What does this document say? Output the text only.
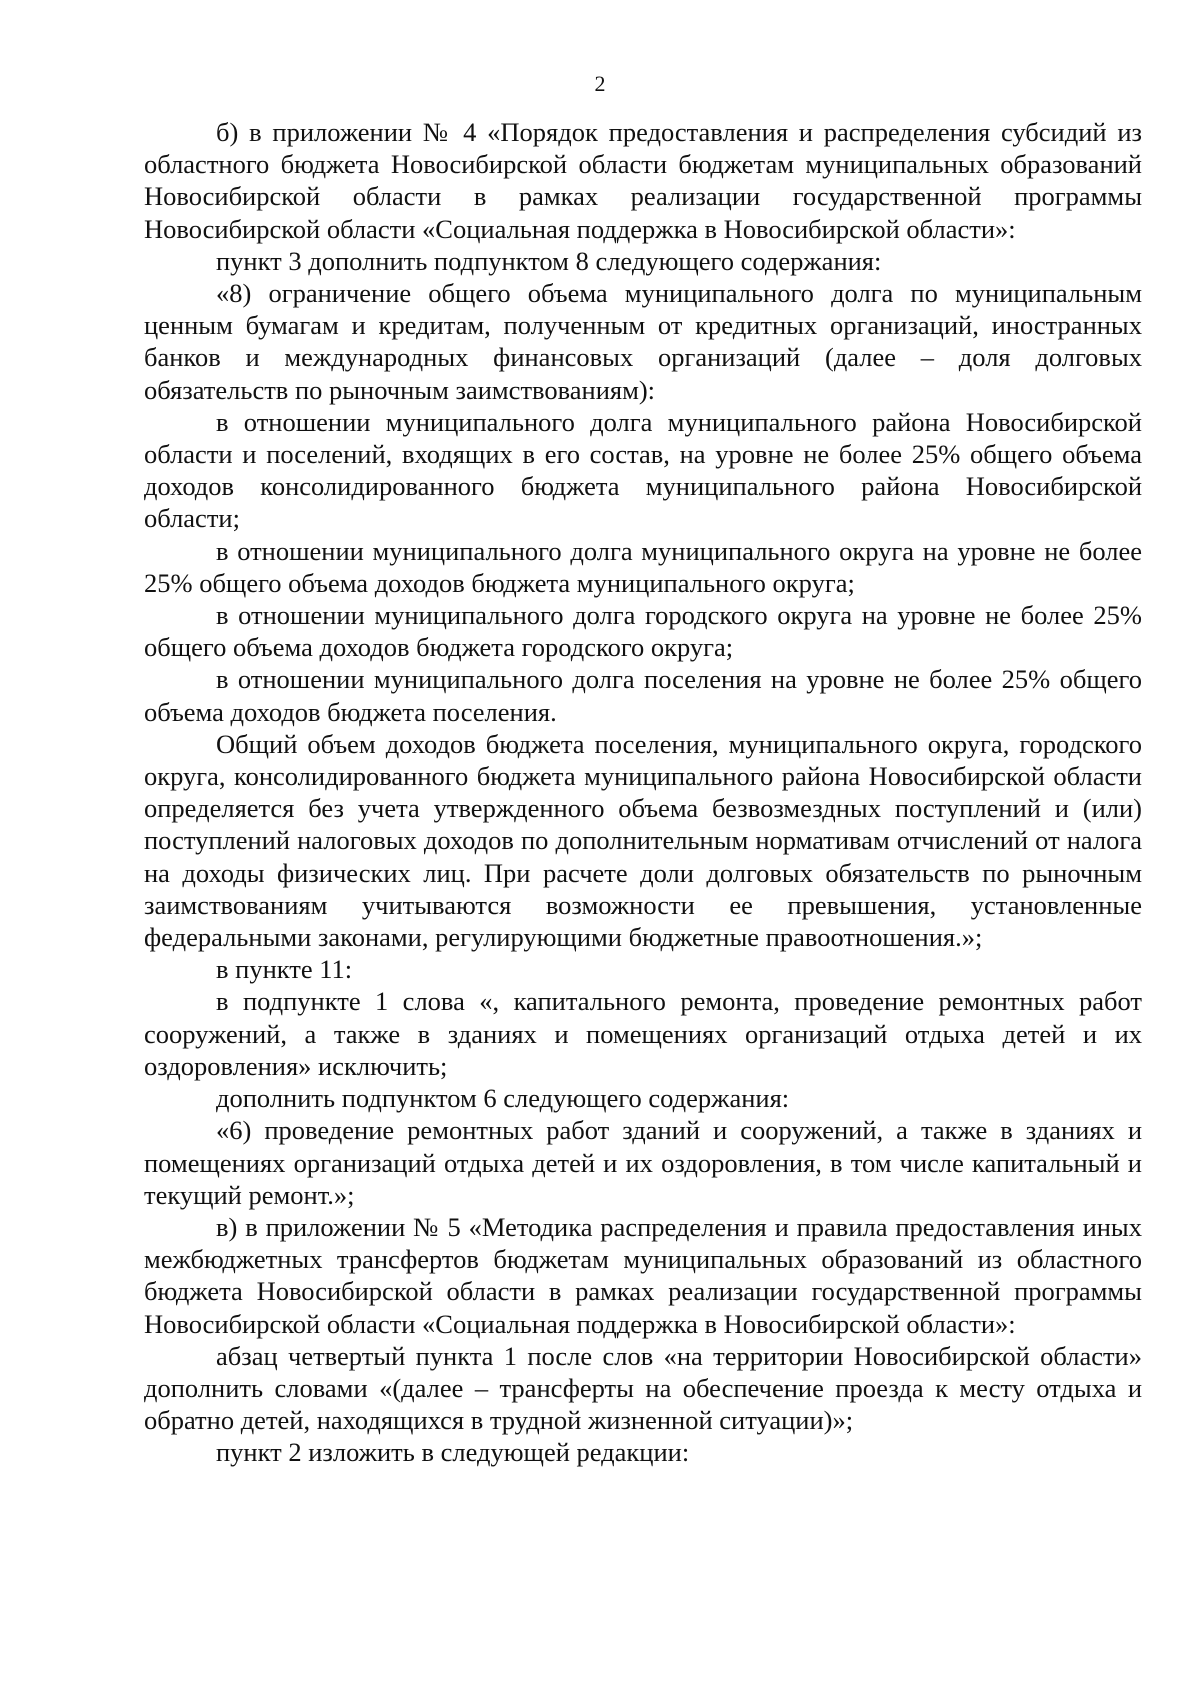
2

б) в приложении № 4 «Порядок предоставления и распределения субсидий из областного бюджета Новосибирской области бюджетам муниципальных образований Новосибирской области в рамках реализации государственной программы Новосибирской области «Социальная поддержка в Новосибирской области»:

пункт 3 дополнить подпунктом 8 следующего содержания:

«8) ограничение общего объема муниципального долга по муниципальным ценным бумагам и кредитам, полученным от кредитных организаций, иностранных банков и международных финансовых организаций (далее – доля долговых обязательств по рыночным заимствованиям):

в отношении муниципального долга муниципального района Новосибирской области и поселений, входящих в его состав, на уровне не более 25% общего объема доходов консолидированного бюджета муниципального района Новосибирской области;

в отношении муниципального долга муниципального округа на уровне не более 25% общего объема доходов бюджета муниципального округа;

в отношении муниципального долга городского округа на уровне не более 25% общего объема доходов бюджета городского округа;

в отношении муниципального долга поселения на уровне не более 25% общего объема доходов бюджета поселения.

Общий объем доходов бюджета поселения, муниципального округа, городского округа, консолидированного бюджета муниципального района Новосибирской области определяется без учета утвержденного объема безвозмездных поступлений и (или) поступлений налоговых доходов по дополнительным нормативам отчислений от налога на доходы физических лиц. При расчете доли долговых обязательств по рыночным заимствованиям учитываются возможности ее превышения, установленные федеральными законами, регулирующими бюджетные правоотношения.»;

в пункте 11:

в подпункте 1 слова «, капитального ремонта, проведение ремонтных работ сооружений, а также в зданиях и помещениях организаций отдыха детей и их оздоровления» исключить;

дополнить подпунктом 6 следующего содержания:

«6) проведение ремонтных работ зданий и сооружений, а также в зданиях и помещениях организаций отдыха детей и их оздоровления, в том числе капитальный и текущий ремонт.»;

в) в приложении № 5 «Методика распределения и правила предоставления иных межбюджетных трансфертов бюджетам муниципальных образований из областного бюджета Новосибирской области в рамках реализации государственной программы Новосибирской области «Социальная поддержка в Новосибирской области»:

абзац четвертый пункта 1 после слов «на территории Новосибирской области» дополнить словами «(далее – трансферты на обеспечение проезда к месту отдыха и обратно детей, находящихся в трудной жизненной ситуации)»;

пункт 2 изложить в следующей редакции:
